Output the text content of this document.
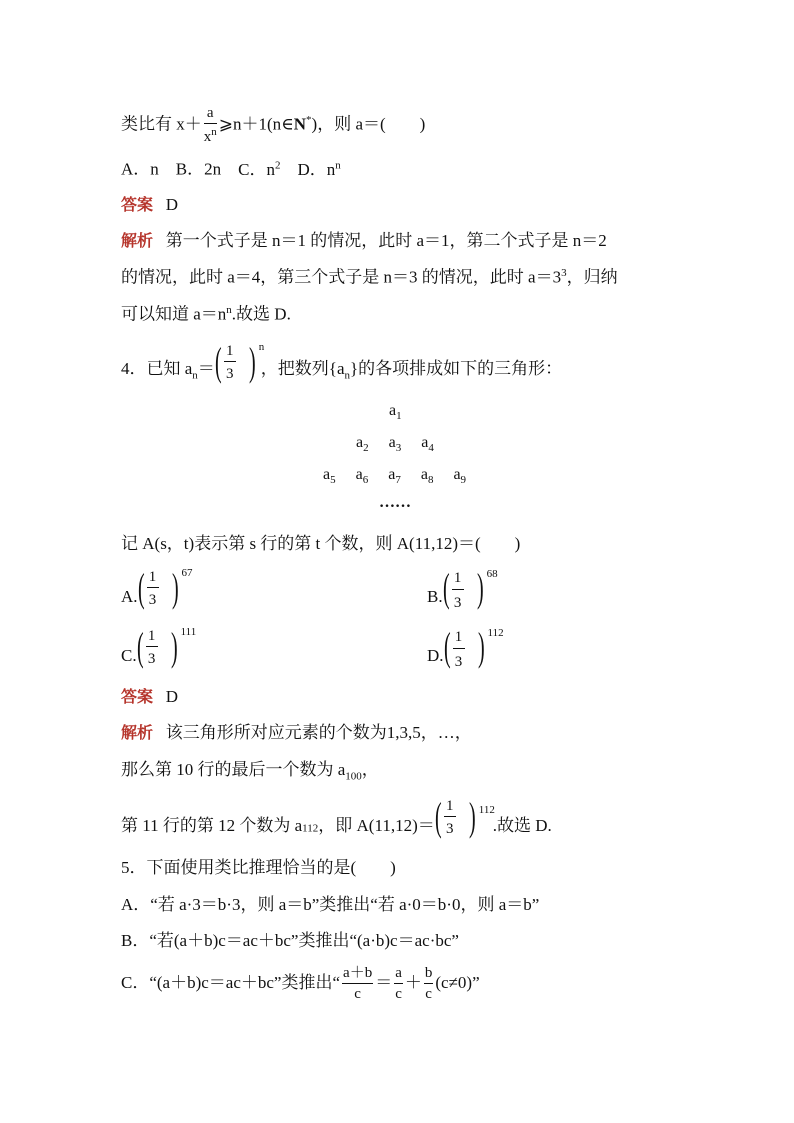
类比有 $x+ \frac{a}{x^n}$ ⩾n＋1(n∈N*)，则 a＝(　　)
A．n B．2n C．$n^2$ D．$n^n$
答案 D
解析 第一个式子是 n＝1 的情况，此时 a＝1，第二个式子是 n＝2
的情况，此时 a＝4，第三个式子是 n＝3 的情况，此时 $a=3^3$，归纳
可以知道 $a=n^n$.故选 D.
4．已知 $a_n=$ ( $\frac{1}{3}$ ) n
，把数列$\{a_n\}$的各项排成如下的三角形：
$a_1$
$a_2$ $a_3$ $a_4$
$a_5$ $a_6$ $a_7$ $a_8$ $a_9$
……
记 A(s，t)表示第 s 行的第 t 个数，则 A(11,12)＝(　　)
A. ( $\frac{1}{3}$ ) 67
B. ( $\frac{1}{3}$ ) 68
C. ( $\frac{1}{3}$ ) 111
D. ( $\frac{1}{3}$ ) 112
答案 D
解析 该三角形所对应元素的个数为1,3,5，…，
那么第 10 行的最后一个数为 $a_{100}$，
第 11 行的第 12 个数为 $a_{112}$，即 A(11,12)＝ ( $\frac{1}{3}$ ) 112
.故选 D.
5．下面使用类比推理恰当的是(　　)
A．“若 a·3＝b·3，则 a＝b”类推出“若 a·0＝b·0，则 a＝b”
B．“若(a＋b)c＝ac＋bc”类推出“(a·b)c＝ac·bc”
C．“(a＋b)c＝ac＋bc”类推出“ $\frac{a+b}{c} = \frac{a}{c} + \frac{b}{c} (c\ne 0)$”
